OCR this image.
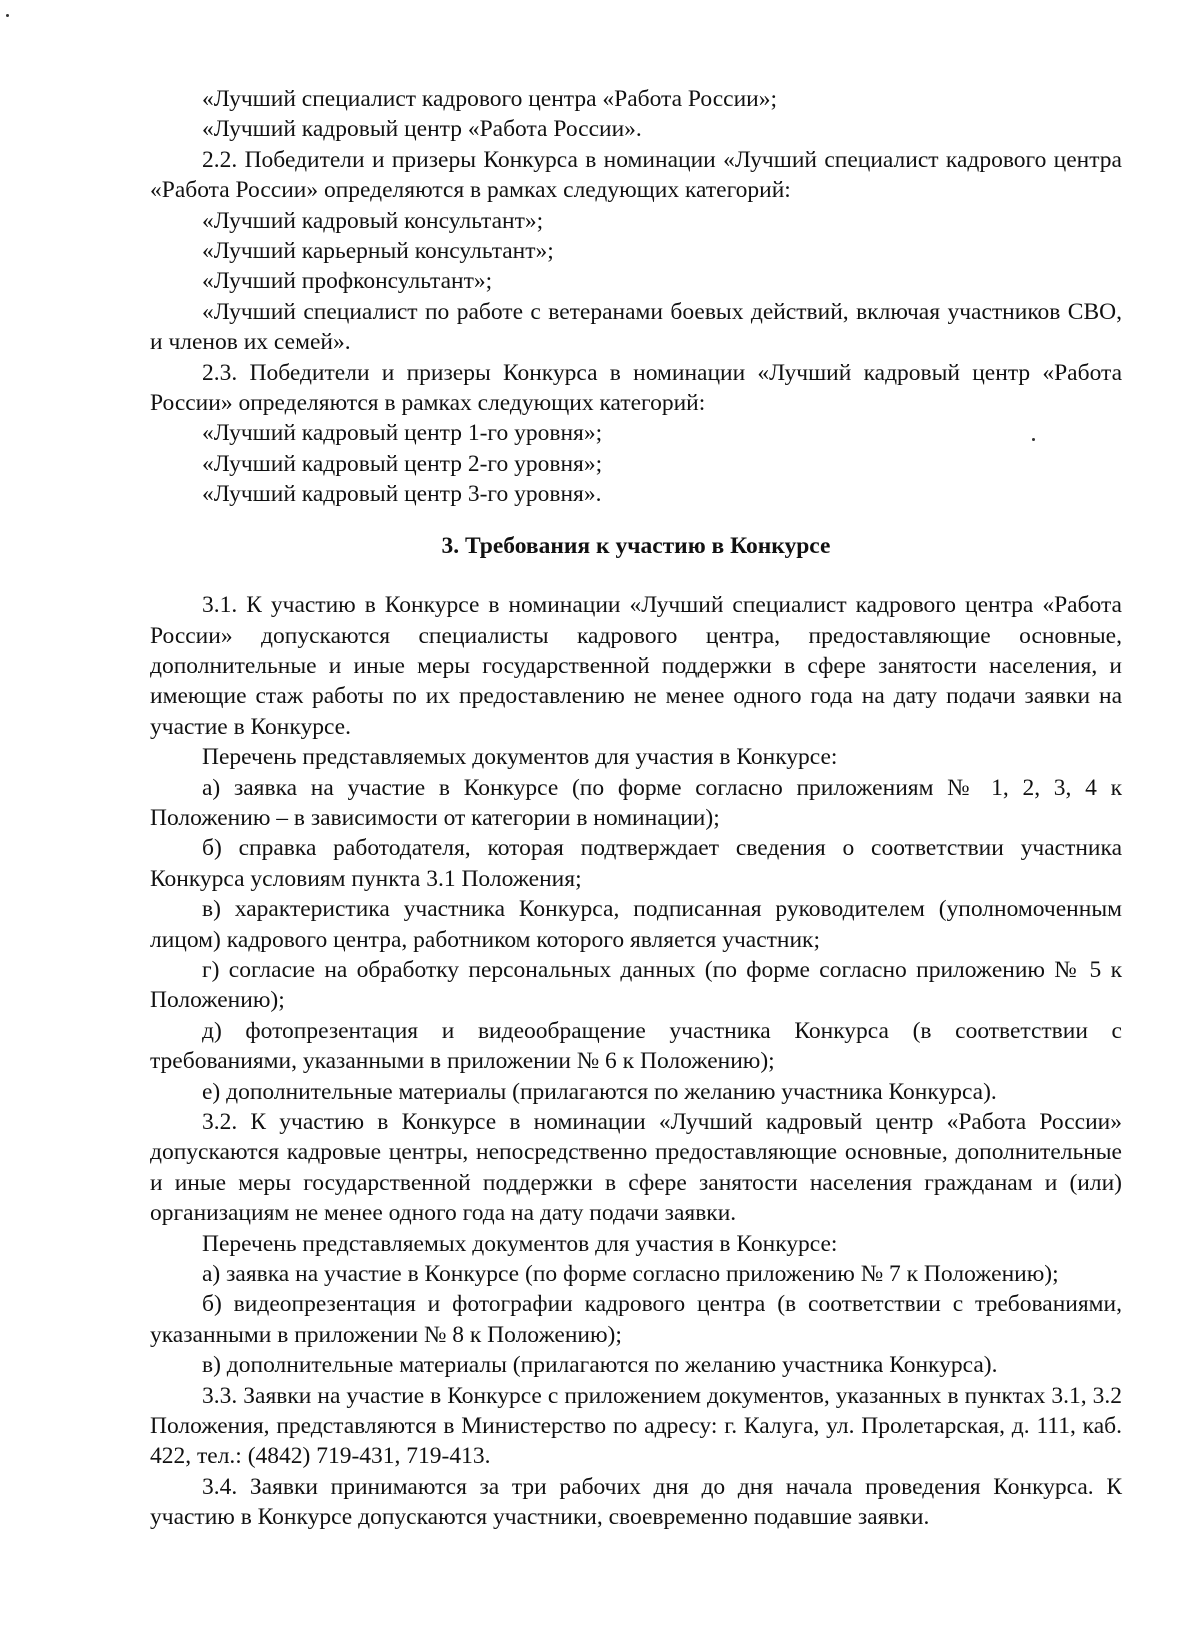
«Лучший специалист кадрового центра «Работа России»;

«Лучший кадровый центр «Работа России».

2.2. Победители и призеры Конкурса в номинации «Лучший специалист кадрового центра «Работа России» определяются в рамках следующих категорий:

«Лучший кадровый консультант»;

«Лучший карьерный консультант»;

«Лучший профконсультант»;

«Лучший специалист по работе с ветеранами боевых действий, включая участников СВО, и членов их семей».

2.3. Победители и призеры Конкурса в номинации «Лучший кадровый центр «Работа России» определяются в рамках следующих категорий:

«Лучший кадровый центр 1-го уровня»;

«Лучший кадровый центр 2-го уровня»;

«Лучший кадровый центр 3-го уровня».

3. Требования к участию в Конкурсе

3.1. К участию в Конкурсе в номинации «Лучший специалист кадрового центра «Работа России» допускаются специалисты кадрового центра, предоставляющие основные, дополнительные и иные меры государственной поддержки в сфере занятости населения, и имеющие стаж работы по их предоставлению не менее одного года на дату подачи заявки на участие в Конкурсе.

Перечень представляемых документов для участия в Конкурсе:

а) заявка на участие в Конкурсе (по форме согласно приложениям № 1, 2, 3, 4 к Положению – в зависимости от категории в номинации);

б) справка работодателя, которая подтверждает сведения о соответствии участника Конкурса условиям пункта 3.1 Положения;

в) характеристика участника Конкурса, подписанная руководителем (уполномоченным лицом) кадрового центра, работником которого является участник;

г) согласие на обработку персональных данных (по форме согласно приложению № 5 к Положению);

д) фотопрезентация и видеообращение участника Конкурса (в соответствии с требованиями, указанными в приложении № 6 к Положению);

е) дополнительные материалы (прилагаются по желанию участника Конкурса).

3.2. К участию в Конкурсе в номинации «Лучший кадровый центр «Работа России» допускаются кадровые центры, непосредственно предоставляющие основные, дополнительные и иные меры государственной поддержки в сфере занятости населения гражданам и (или) организациям не менее одного года на дату подачи заявки.

Перечень представляемых документов для участия в Конкурсе:

а) заявка на участие в Конкурсе (по форме согласно приложению № 7 к Положению);

б) видеопрезентация и фотографии кадрового центра (в соответствии с требованиями, указанными в приложении № 8 к Положению);

в) дополнительные материалы (прилагаются по желанию участника Конкурса).

3.3. Заявки на участие в Конкурсе с приложением документов, указанных в пунктах 3.1, 3.2 Положения, представляются в Министерство по адресу: г. Калуга, ул. Пролетарская, д. 111, каб. 422, тел.: (4842) 719-431, 719-413.

3.4. Заявки принимаются за три рабочих дня до дня начала проведения Конкурса. К участию в Конкурсе допускаются участники, своевременно подавшие заявки.
